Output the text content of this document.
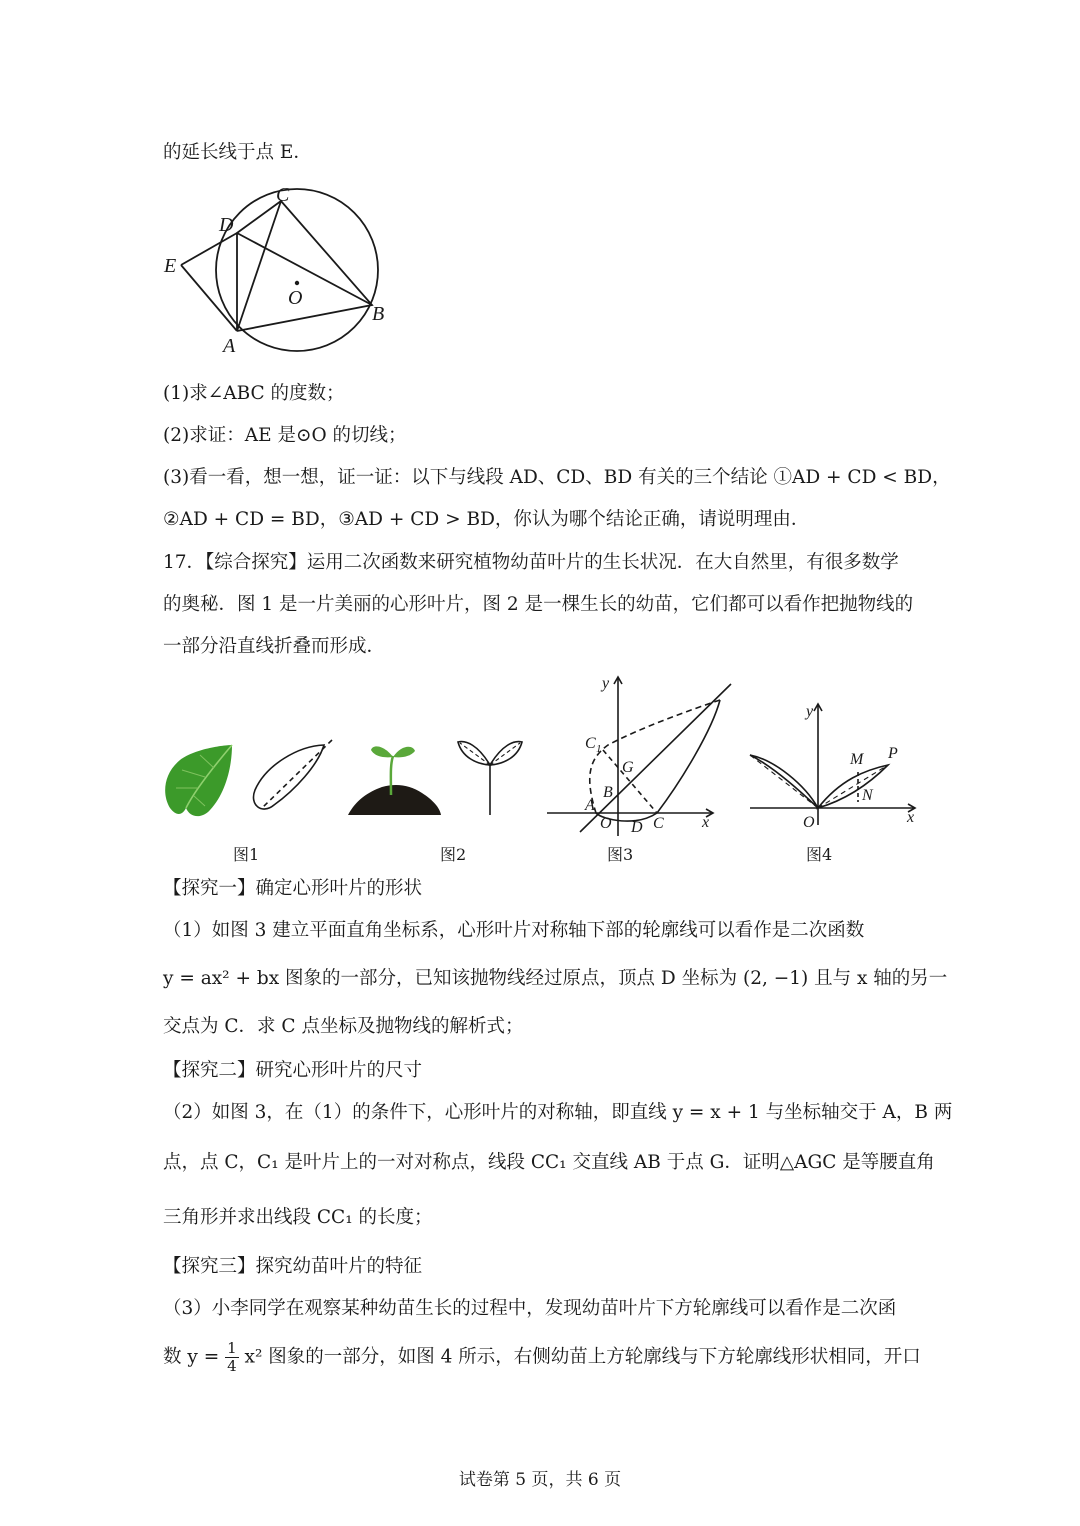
的延长线于点 E．
C
D
E
O
B
A
(1)求∠ABC 的度数；
(2)求证：AE 是⊙O 的切线；
(3)看一看，想一想，证一证：以下与线段 AD、CD、BD 有关的三个结论 ①AD + CD < BD，
②AD + CD = BD，③AD + CD > BD，你认为哪个结论正确，请说明理由．
17．【综合探究】运用二次函数来研究植物幼苗叶片的生长状况．在大自然里，有很多数学
的奥秘．图 1 是一片美丽的心形叶片，图 2 是一棵生长的幼苗，它们都可以看作把抛物线的
一部分沿直线折叠而形成．
y
x
C 1
G
B
A
O D C
y
x
M P
N
O
图1	图2	图3	图4
【探究一】确定心形叶片的形状
（1）如图 3 建立平面直角坐标系，心形叶片对称轴下部的轮廓线可以看作是二次函数
y = ax² + bx 图象的一部分，已知该抛物线经过原点，顶点 D 坐标为 (2, −1) 且与 x 轴的另一
交点为 C．求 C 点坐标及抛物线的解析式；
【探究二】研究心形叶片的尺寸
（2）如图 3，在（1）的条件下，心形叶片的对称轴，即直线 y = x + 1 与坐标轴交于 A，B 两
点，点 C，C₁ 是叶片上的一对对称点，线段 CC₁ 交直线 AB 于点 G．证明△AGC 是等腰直角
三角形并求出线段 CC₁ 的长度；
【探究三】探究幼苗叶片的特征
（3）小李同学在观察某种幼苗生长的过程中，发现幼苗叶片下方轮廓线可以看作是二次函
数 $y = \frac{1}{4} x^2$ 图象的一部分，如图 4 所示，右侧幼苗上方轮廓线与下方轮廓线形状相同，开口
试卷第 5 页，共 6 页
